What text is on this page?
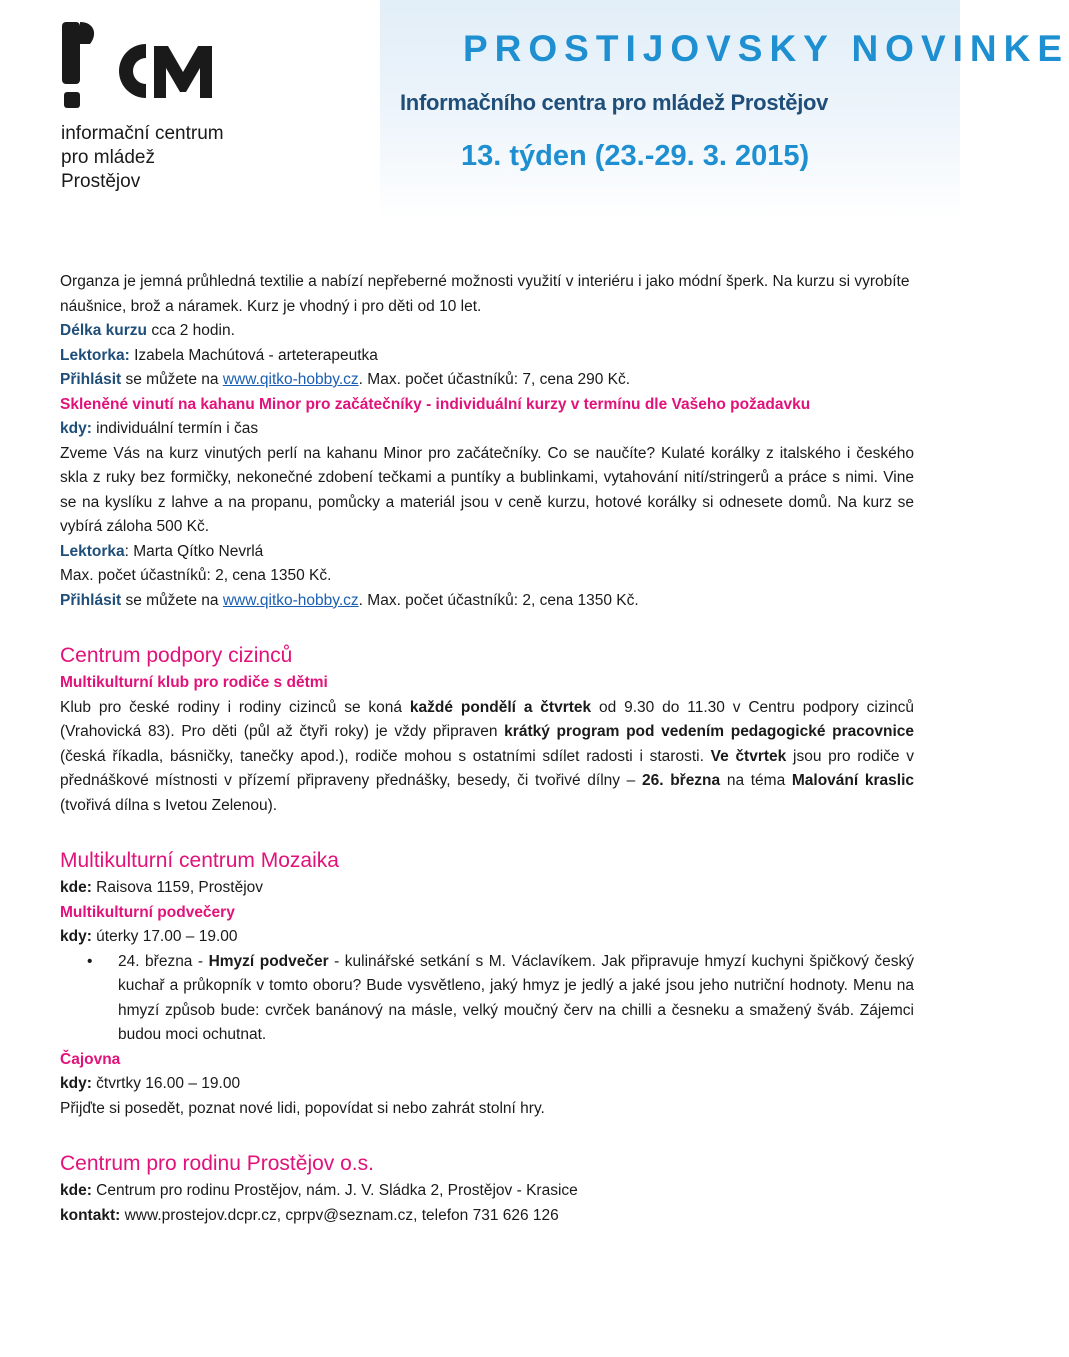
informační centrum
pro mládež
Prostějov
PROSTIJOVSKY NOVINKE
Informačního centra pro mládež Prostějov
13. týden (23.-29. 3. 2015)

Organza je jemná průhledná textilie a nabízí nepřeberné možnosti využití v interiéru i jako módní šperk. Na kurzu si vyrobíte náušnice, brož a náramek. Kurz je vhodný i pro děti od 10 let.

Délka kurzu cca 2 hodin.

Lektorka: Izabela Machútová - arteterapeutka

Přihlásit se můžete na www.qitko-hobby.cz. Max. počet účastníků: 7, cena 290 Kč.

Skleněné vinutí na kahanu Minor pro začátečníky - individuální kurzy v termínu dle Vašeho požadavku

kdy: individuální termín i čas

Zveme Vás na kurz vinutých perlí na kahanu Minor pro začátečníky. Co se naučíte? Kulaté korálky z italského i českého skla z ruky bez formičky, nekonečné zdobení tečkami a puntíky a bublinkami, vytahování nití/stringerů a práce s nimi. Vine se na kyslíku z lahve a na propanu, pomůcky a materiál jsou v ceně kurzu, hotové korálky si odnesete domů. Na kurz se vybírá záloha 500 Kč.

Lektorka: Marta Qítko Nevrlá

Max. počet účastníků: 2, cena 1350 Kč.

Přihlásit se můžete na www.qitko-hobby.cz. Max. počet účastníků: 2, cena 1350 Kč.

Centrum podpory cizinců

Multikulturní klub pro rodiče s dětmi

Klub pro české rodiny i rodiny cizinců se koná každé pondělí a čtvrtek od 9.30 do 11.30 v Centru podpory cizinců (Vrahovická 83). Pro děti (půl až čtyři roky) je vždy připraven krátký program pod vedením pedagogické pracovnice (česká říkadla, básničky, tanečky apod.), rodiče mohou s ostatními sdílet radosti i starosti. Ve čtvrtek jsou pro rodiče v přednáškové místnosti v přízemí připraveny přednášky, besedy, či tvořivé dílny – 26. března na téma Malování kraslic (tvořivá dílna s Ivetou Zelenou).

Multikulturní centrum Mozaika

kde: Raisova 1159, Prostějov

Multikulturní podvečery

kdy: úterky 17.00 – 19.00

• 24. března - Hmyzí podvečer - kulinářské setkání s M. Václavíkem. Jak připravuje hmyzí kuchyni špičkový český kuchař a průkopník v tomto oboru? Bude vysvětleno, jaký hmyz je jedlý a jaké jsou jeho nutriční hodnoty. Menu na hmyzí způsob bude: cvrček banánový na másle, velký moučný červ na chilli a česneku a smažený šváb. Zájemci budou moci ochutnat.

Čajovna

kdy: čtvrtky 16.00 – 19.00

Přijďte si posedět, poznat nové lidi, popovídat si nebo zahrát stolní hry.

Centrum pro rodinu Prostějov o.s.

kde: Centrum pro rodinu Prostějov, nám. J. V. Sládka 2, Prostějov - Krasice

kontakt: www.prostejov.dcpr.cz, cprpv@seznam.cz, telefon 731 626 126
